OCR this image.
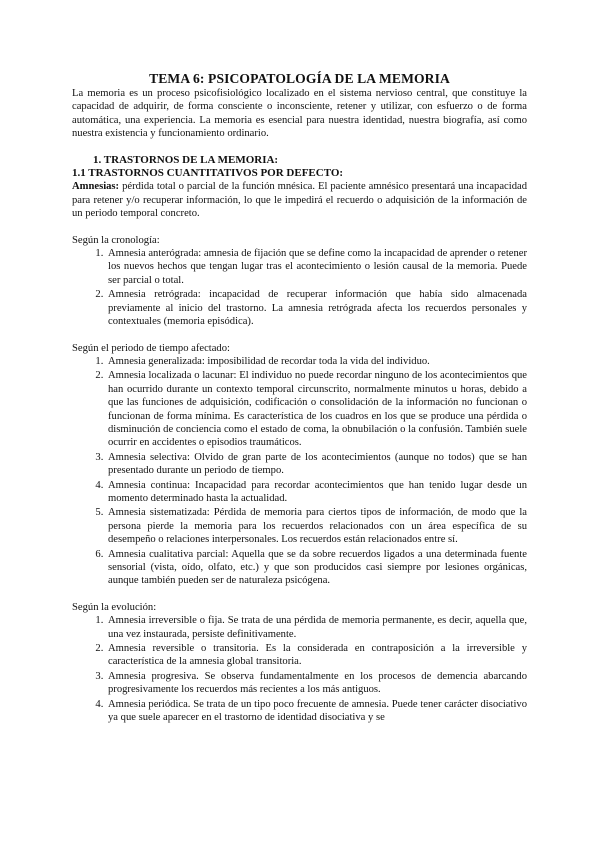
TEMA 6: PSICOPATOLOGÍA DE LA MEMORIA

La memoria es un proceso psicofisiológico localizado en el sistema nervioso central, que constituye la capacidad de adquirir, de forma consciente o inconsciente, retener y utilizar, con esfuerzo o de forma automática, una experiencia. La memoria es esencial para nuestra identidad, nuestra biografía, así como nuestra existencia y funcionamiento ordinario.

1. TRASTORNOS DE LA MEMORIA:
1.1 TRASTORNOS CUANTITATIVOS POR DEFECTO:

Amnesias: pérdida total o parcial de la función mnésica. El paciente amnésico presentará una incapacidad para retener y/o recuperar información, lo que le impedirá el recuerdo o adquisición de la información de un periodo temporal concreto.

Según la cronología:

1. Amnesia anterógrada: amnesia de fijación que se define como la incapacidad de aprender o retener los nuevos hechos que tengan lugar tras el acontecimiento o lesión causal de la memoria. Puede ser parcial o total.
2. Amnesia retrógrada: incapacidad de recuperar información que había sido almacenada previamente al inicio del trastorno. La amnesia retrógrada afecta los recuerdos personales y contextuales (memoria episódica).

Según el periodo de tiempo afectado:

1. Amnesia generalizada: imposibilidad de recordar toda la vida del individuo.
2. Amnesia localizada o lacunar: El individuo no puede recordar ninguno de los acontecimientos que han ocurrido durante un contexto temporal circunscrito, normalmente minutos u horas, debido a que las funciones de adquisición, codificación o consolidación de la información no funcionan o funcionan de forma mínima. Es característica de los cuadros en los que se produce una pérdida o disminución de conciencia como el estado de coma, la obnubilación o la confusión. También suele ocurrir en accidentes o episodios traumáticos.
3. Amnesia selectiva: Olvido de gran parte de los acontecimientos (aunque no todos) que se han presentado durante un periodo de tiempo.
4. Amnesia continua: Incapacidad para recordar acontecimientos que han tenido lugar desde un momento determinado hasta la actualidad.
5. Amnesia sistematizada: Pérdida de memoria para ciertos tipos de información, de modo que la persona pierde la memoria para los recuerdos relacionados con un área específica de su desempeño o relaciones interpersonales. Los recuerdos están relacionados entre sí.
6. Amnesia cualitativa parcial: Aquella que se da sobre recuerdos ligados a una determinada fuente sensorial (vista, oído, olfato, etc.) y que son producidos casi siempre por lesiones orgánicas, aunque también pueden ser de naturaleza psicógena.

Según la evolución:

1. Amnesia irreversible o fija. Se trata de una pérdida de memoria permanente, es decir, aquella que, una vez instaurada, persiste definitivamente.
2. Amnesia reversible o transitoria. Es la considerada en contraposición a la irreversible y característica de la amnesia global transitoria.
3. Amnesia progresiva. Se observa fundamentalmente en los procesos de demencia abarcando progresivamente los recuerdos más recientes a los más antiguos.
4. Amnesia periódica. Se trata de un tipo poco frecuente de amnesia. Puede tener carácter disociativo ya que suele aparecer en el trastorno de identidad disociativa y se
